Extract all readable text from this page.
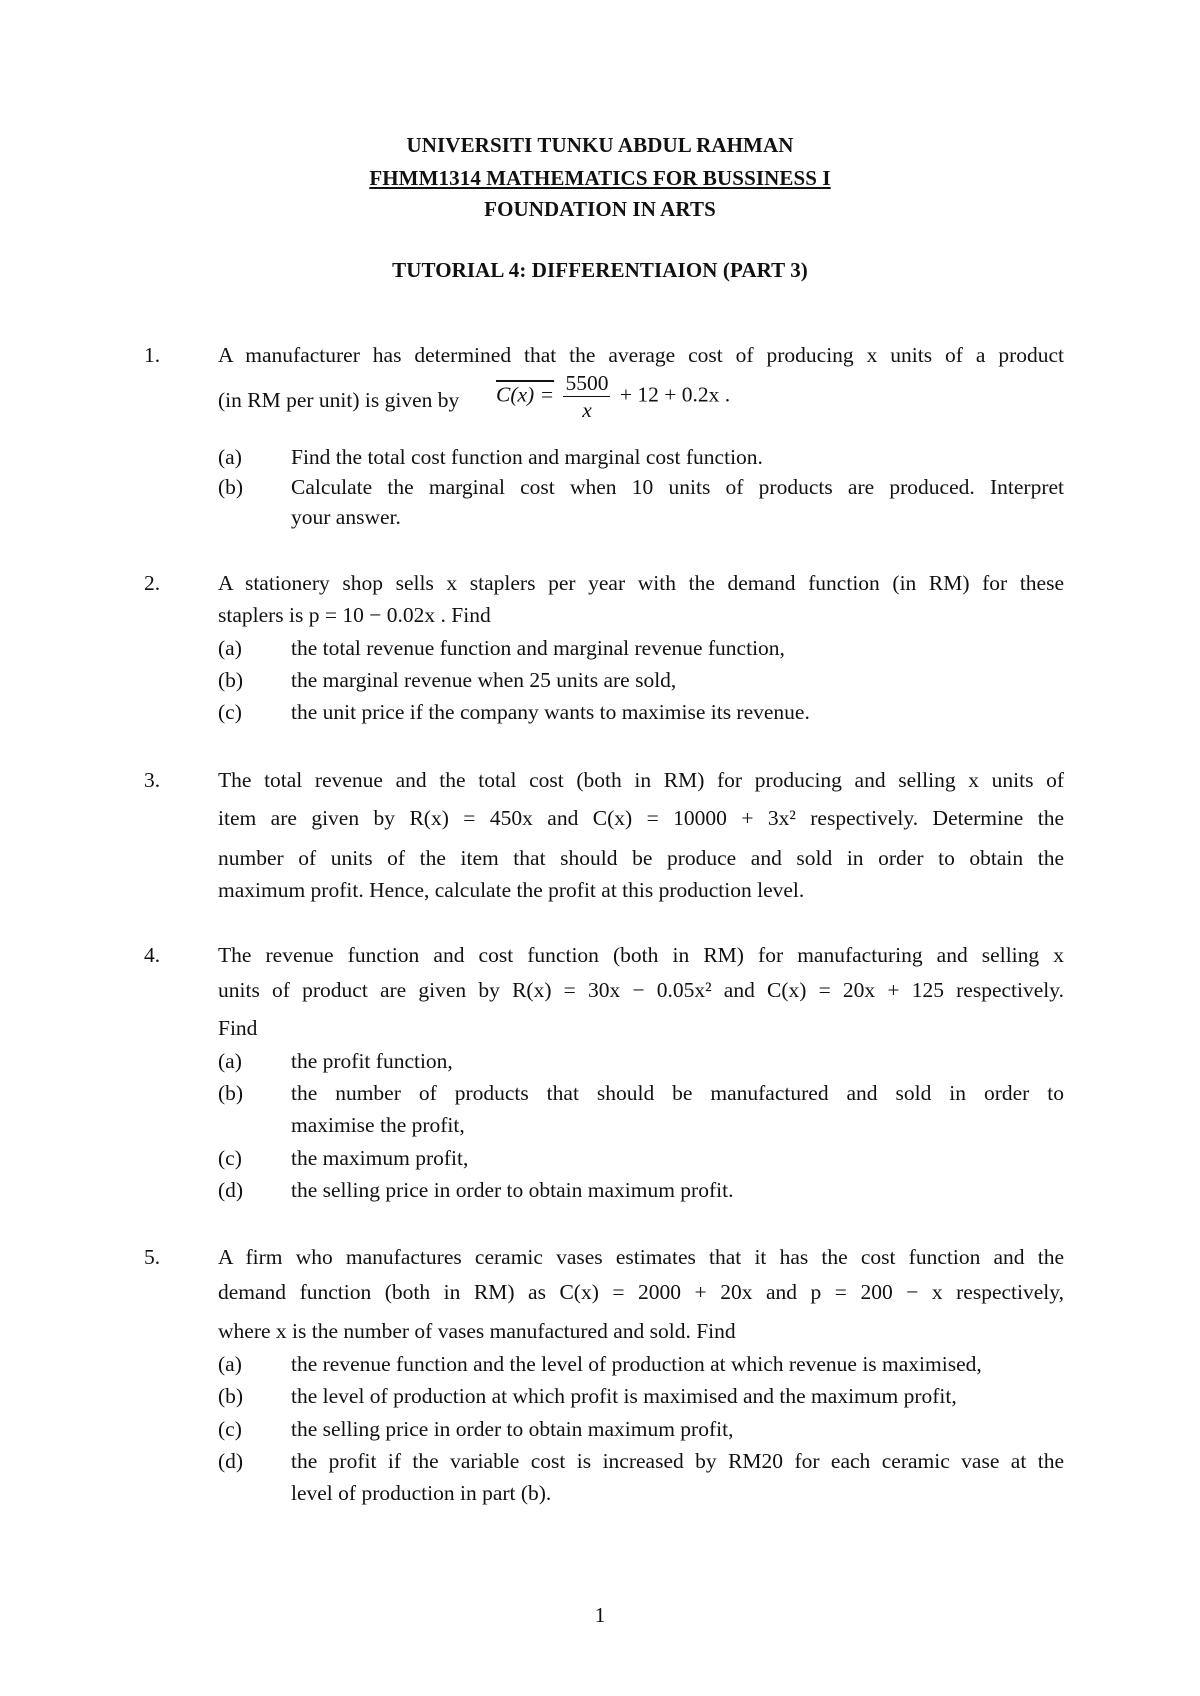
UNIVERSITI TUNKU ABDUL RAHMAN
FHMM1314 MATHEMATICS FOR BUSSINESS I
FOUNDATION IN ARTS
TUTORIAL 4: DIFFERENTIAION (PART 3)
1.	A manufacturer has determined that the average cost of producing x units of a product
(in RM per unit) is given by $C(x) = \frac{5500}{x} + 12 + 0.2x$ .
(a) Find the total cost function and marginal cost function.
(b) Calculate the marginal cost when 10 units of products are produced. Interpret
your answer.
2.	A stationery shop sells x staplers per year with the demand function (in RM) for these
staplers is p = 10 − 0.02x . Find
(a) the total revenue function and marginal revenue function,
(b) the marginal revenue when 25 units are sold,
(c) the unit price if the company wants to maximise its revenue.
3.	The total revenue and the total cost (both in RM) for producing and selling x units of
item are given by R(x) = 450x and C(x) = 10000 + 3x² respectively. Determine the
number of units of the item that should be produce and sold in order to obtain the
maximum profit. Hence, calculate the profit at this production level.
4.	The revenue function and cost function (both in RM) for manufacturing and selling x
units of product are given by R(x) = 30x − 0.05x² and C(x) = 20x + 125 respectively.
Find
(a) the profit function,
(b) the number of products that should be manufactured and sold in order to
maximise the profit,
(c) the maximum profit,
(d) the selling price in order to obtain maximum profit.
5.	A firm who manufactures ceramic vases estimates that it has the cost function and the
demand function (both in RM) as C(x) = 2000 + 20x and p = 200 − x respectively,
where x is the number of vases manufactured and sold. Find
(a) the revenue function and the level of production at which revenue is maximised,
(b) the level of production at which profit is maximised and the maximum profit,
(c) the selling price in order to obtain maximum profit,
(d) the profit if the variable cost is increased by RM20 for each ceramic vase at the
level of production in part (b).
1
